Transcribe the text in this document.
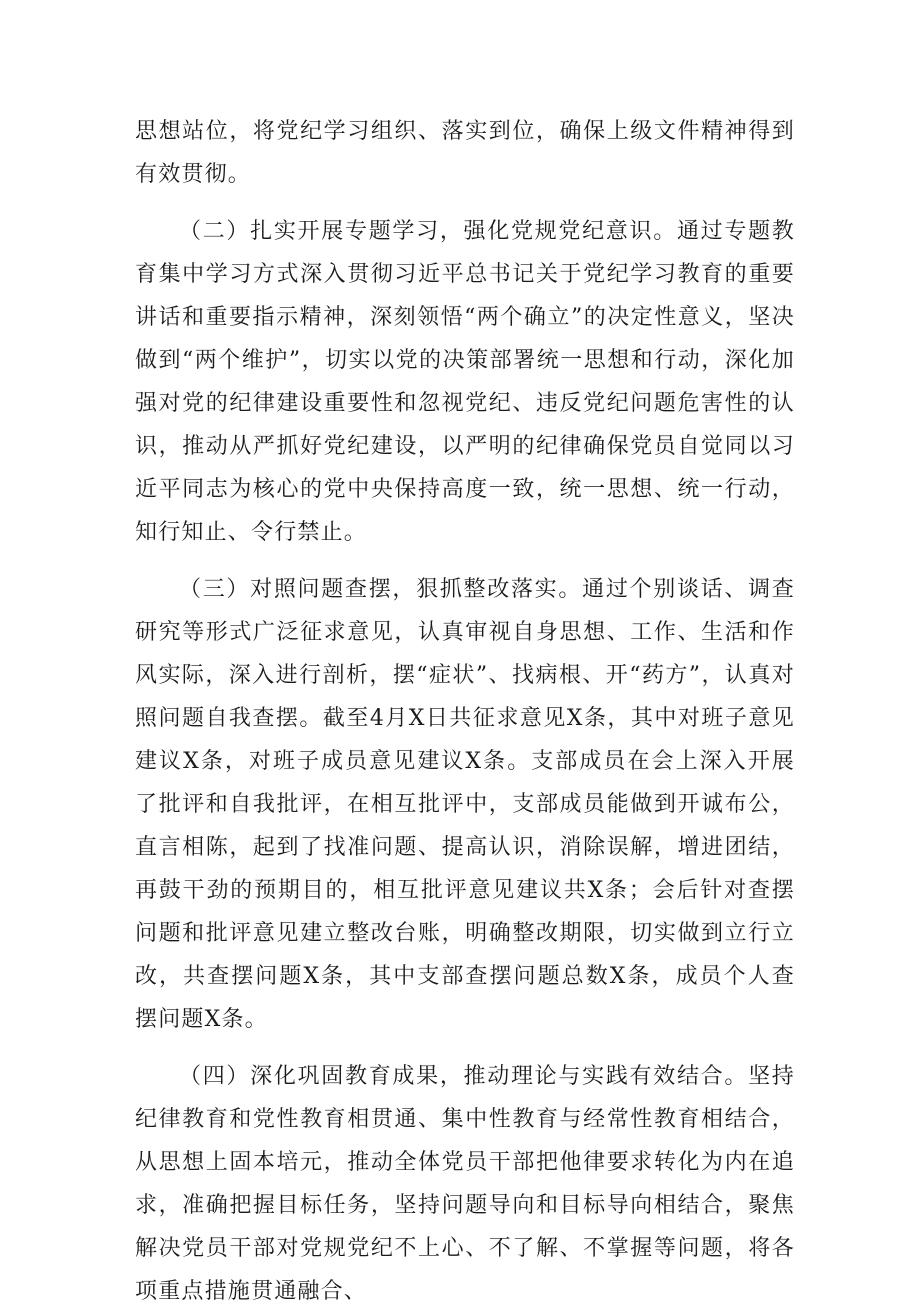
思想站位，将党纪学习组织、落实到位，确保上级文件精神得到有效贯彻。

（二）扎实开展专题学习，强化党规党纪意识。通过专题教育集中学习方式深入贯彻习近平总书记关于党纪学习教育的重要讲话和重要指示精神，深刻领悟“两个确立”的决定性意义，坚决做到“两个维护”，切实以党的决策部署统一思想和行动，深化加强对党的纪律建设重要性和忽视党纪、违反党纪问题危害性的认识，推动从严抓好党纪建设，以严明的纪律确保党员自觉同以习近平同志为核心的党中央保持高度一致，统一思想、统一行动，知行知止、令行禁止。

（三）对照问题查摆，狠抓整改落实。通过个别谈话、调查研究等形式广泛征求意见，认真审视自身思想、工作、生活和作风实际，深入进行剖析，摆“症状”、找病根、开“药方”，认真对照问题自我查摆。截至4月X日共征求意见X条，其中对班子意见建议X条，对班子成员意见建议X条。支部成员在会上深入开展了批评和自我批评，在相互批评中，支部成员能做到开诚布公，直言相陈，起到了找准问题、提高认识，消除误解，增进团结，再鼓干劲的预期目的，相互批评意见建议共X条；会后针对查摆问题和批评意见建立整改台账，明确整改期限，切实做到立行立改，共查摆问题X条，其中支部查摆问题总数X条，成员个人查摆问题X条。

（四）深化巩固教育成果，推动理论与实践有效结合。坚持纪律教育和党性教育相贯通、集中性教育与经常性教育相结合，从思想上固本培元，推动全体党员干部把他律要求转化为内在追求，准确把握目标任务，坚持问题导向和目标导向相结合，聚焦解决党员干部对党规党纪不上心、不了解、不掌握等问题，将各项重点措施贯通融合、
